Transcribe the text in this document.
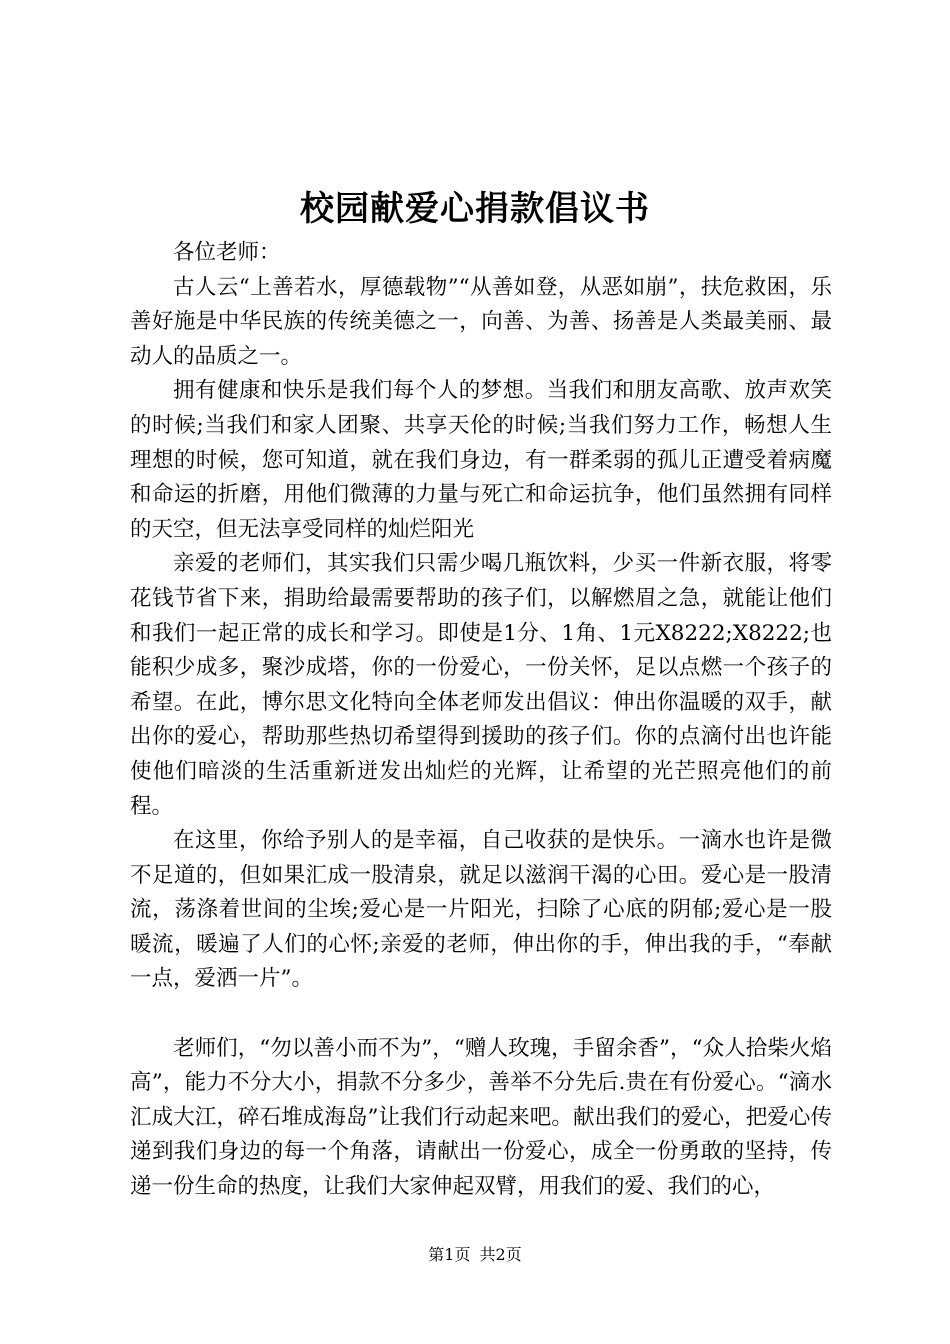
校园献爱心捐款倡议书

各位老师：

古人云“上善若水，厚德载物”“从善如登，从恶如崩”，扶危救困，乐善好施是中华民族的传统美德之一，向善、为善、扬善是人类最美丽、最动人的品质之一。

拥有健康和快乐是我们每个人的梦想。当我们和朋友高歌、放声欢笑的时候;当我们和家人团聚、共享天伦的时候;当我们努力工作，畅想人生理想的时候，您可知道，就在我们身边，有一群柔弱的孤儿正遭受着病魔和命运的折磨，用他们微薄的力量与死亡和命运抗争，他们虽然拥有同样的天空，但无法享受同样的灿烂阳光

亲爱的老师们，其实我们只需少喝几瓶饮料，少买一件新衣服，将零花钱节省下来，捐助给最需要帮助的孩子们，以解燃眉之急，就能让他们和我们一起正常的成长和学习。即使是1分、1角、1元X8222;X8222;也能积少成多，聚沙成塔，你的一份爱心，一份关怀，足以点燃一个孩子的希望。在此，博尔思文化特向全体老师发出倡议：伸出你温暖的双手，献出你的爱心，帮助那些热切希望得到援助的孩子们。你的点滴付出也许能使他们暗淡的生活重新迸发出灿烂的光辉，让希望的光芒照亮他们的前程。

在这里，你给予别人的是幸福，自己收获的是快乐。一滴水也许是微不足道的，但如果汇成一股清泉，就足以滋润干渴的心田。爱心是一股清流，荡涤着世间的尘埃;爱心是一片阳光，扫除了心底的阴郁;爱心是一股暖流，暖遍了人们的心怀;亲爱的老师，伸出你的手，伸出我的手，“奉献一点，爱洒一片”。

老师们，“勿以善小而不为”，“赠人玫瑰，手留余香”，“众人拾柴火焰高”，能力不分大小，捐款不分多少，善举不分先后.贵在有份爱心。“滴水汇成大江，碎石堆成海岛”让我们行动起来吧。献出我们的爱心，把爱心传递到我们身边的每一个角落，请献出一份爱心，成全一份勇敢的坚持，传递一份生命的热度，让我们大家伸起双臂，用我们的爱、我们的心，

第1页 共2页
